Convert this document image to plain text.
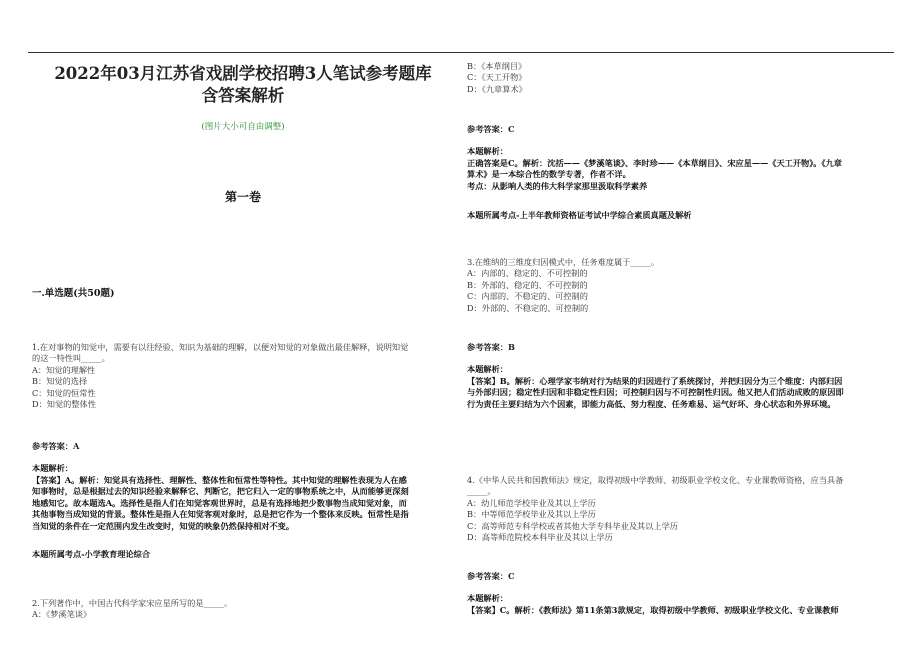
2022年03月江苏省戏剧学校招聘3人笔试参考题库
含答案解析
(图片大小可自由调整)
第一卷
一.单选题(共50题)
1.在对事物的知觉中，需要有以往经验、知识为基础的理解，以便对知觉的对象做出最佳解释，说明知觉
的这一特性叫_____。
A：知觉的理解性
B：知觉的选择
C：知觉的恒常性
D：知觉的整体性
参考答案：A
本题解析：
【答案】A。解析：知觉具有选择性、理解性、整体性和恒常性等特性。其中知觉的理解性表现为人在感
知事物时，总是根据过去的知识经验来解释它、判断它，把它归入一定的事物系统之中，从而能够更深刻
地感知它。故本题选A。选择性是指人们在知觉客观世界时，总是有选择地把少数事物当成知觉对象，而
其他事物当成知觉的背景。整体性是指人在知觉客观对象时，总是把它作为一个整体来反映。恒常性是指
当知觉的条件在一定范围内发生改变时，知觉的映象仍然保持相对不变。
本题所属考点-小学教育理论综合
2.下列著作中，中国古代科学家宋应星所写的是_____。
A：《梦溪笔谈》
B：《本草纲目》
C：《天工开物》
D：《九章算术》
参考答案：C
本题解析：
正确答案是C。解析：沈括——《梦溪笔谈》、李时珍——《本草纲目》、宋应星——《天工开物》。《九章
算术》是一本综合性的数学专著，作者不详。
考点：从影响人类的伟大科学家那里汲取科学素养
本题所属考点-上半年教师资格证考试中学综合素质真题及解析
3.在维纳的三维度归因模式中，任务难度属于_____。
A：内部的、稳定的、不可控制的
B：外部的、稳定的、不可控制的
C：内部的、不稳定的、可控制的
D：外部的、不稳定的、可控制的
参考答案：B
本题解析：
【答案】B。解析：心理学家韦纳对行为结果的归因进行了系统探讨，并把归因分为三个维度：内部归因
与外部归因；稳定性归因和非稳定性归因；可控制归因与不可控制性归因。他又把人们活动成败的原因即
行为责任主要归结为六个因素，即能力高低、努力程度、任务难易、运气好坏、身心状态和外界环境。
4.《中华人民共和国教师法》规定，取得初级中学教师、初级职业学校文化、专业课教师资格，应当具备
_____。
A：幼儿师范学校毕业及其以上学历
B：中等师范学校毕业及其以上学历
C：高等师范专科学校或者其他大学专科毕业及其以上学历
D：高等师范院校本科毕业及其以上学历
参考答案：C
本题解析：
【答案】C。解析：《教师法》第11条第3款规定，取得初级中学教师、初级职业学校文化、专业课教师
